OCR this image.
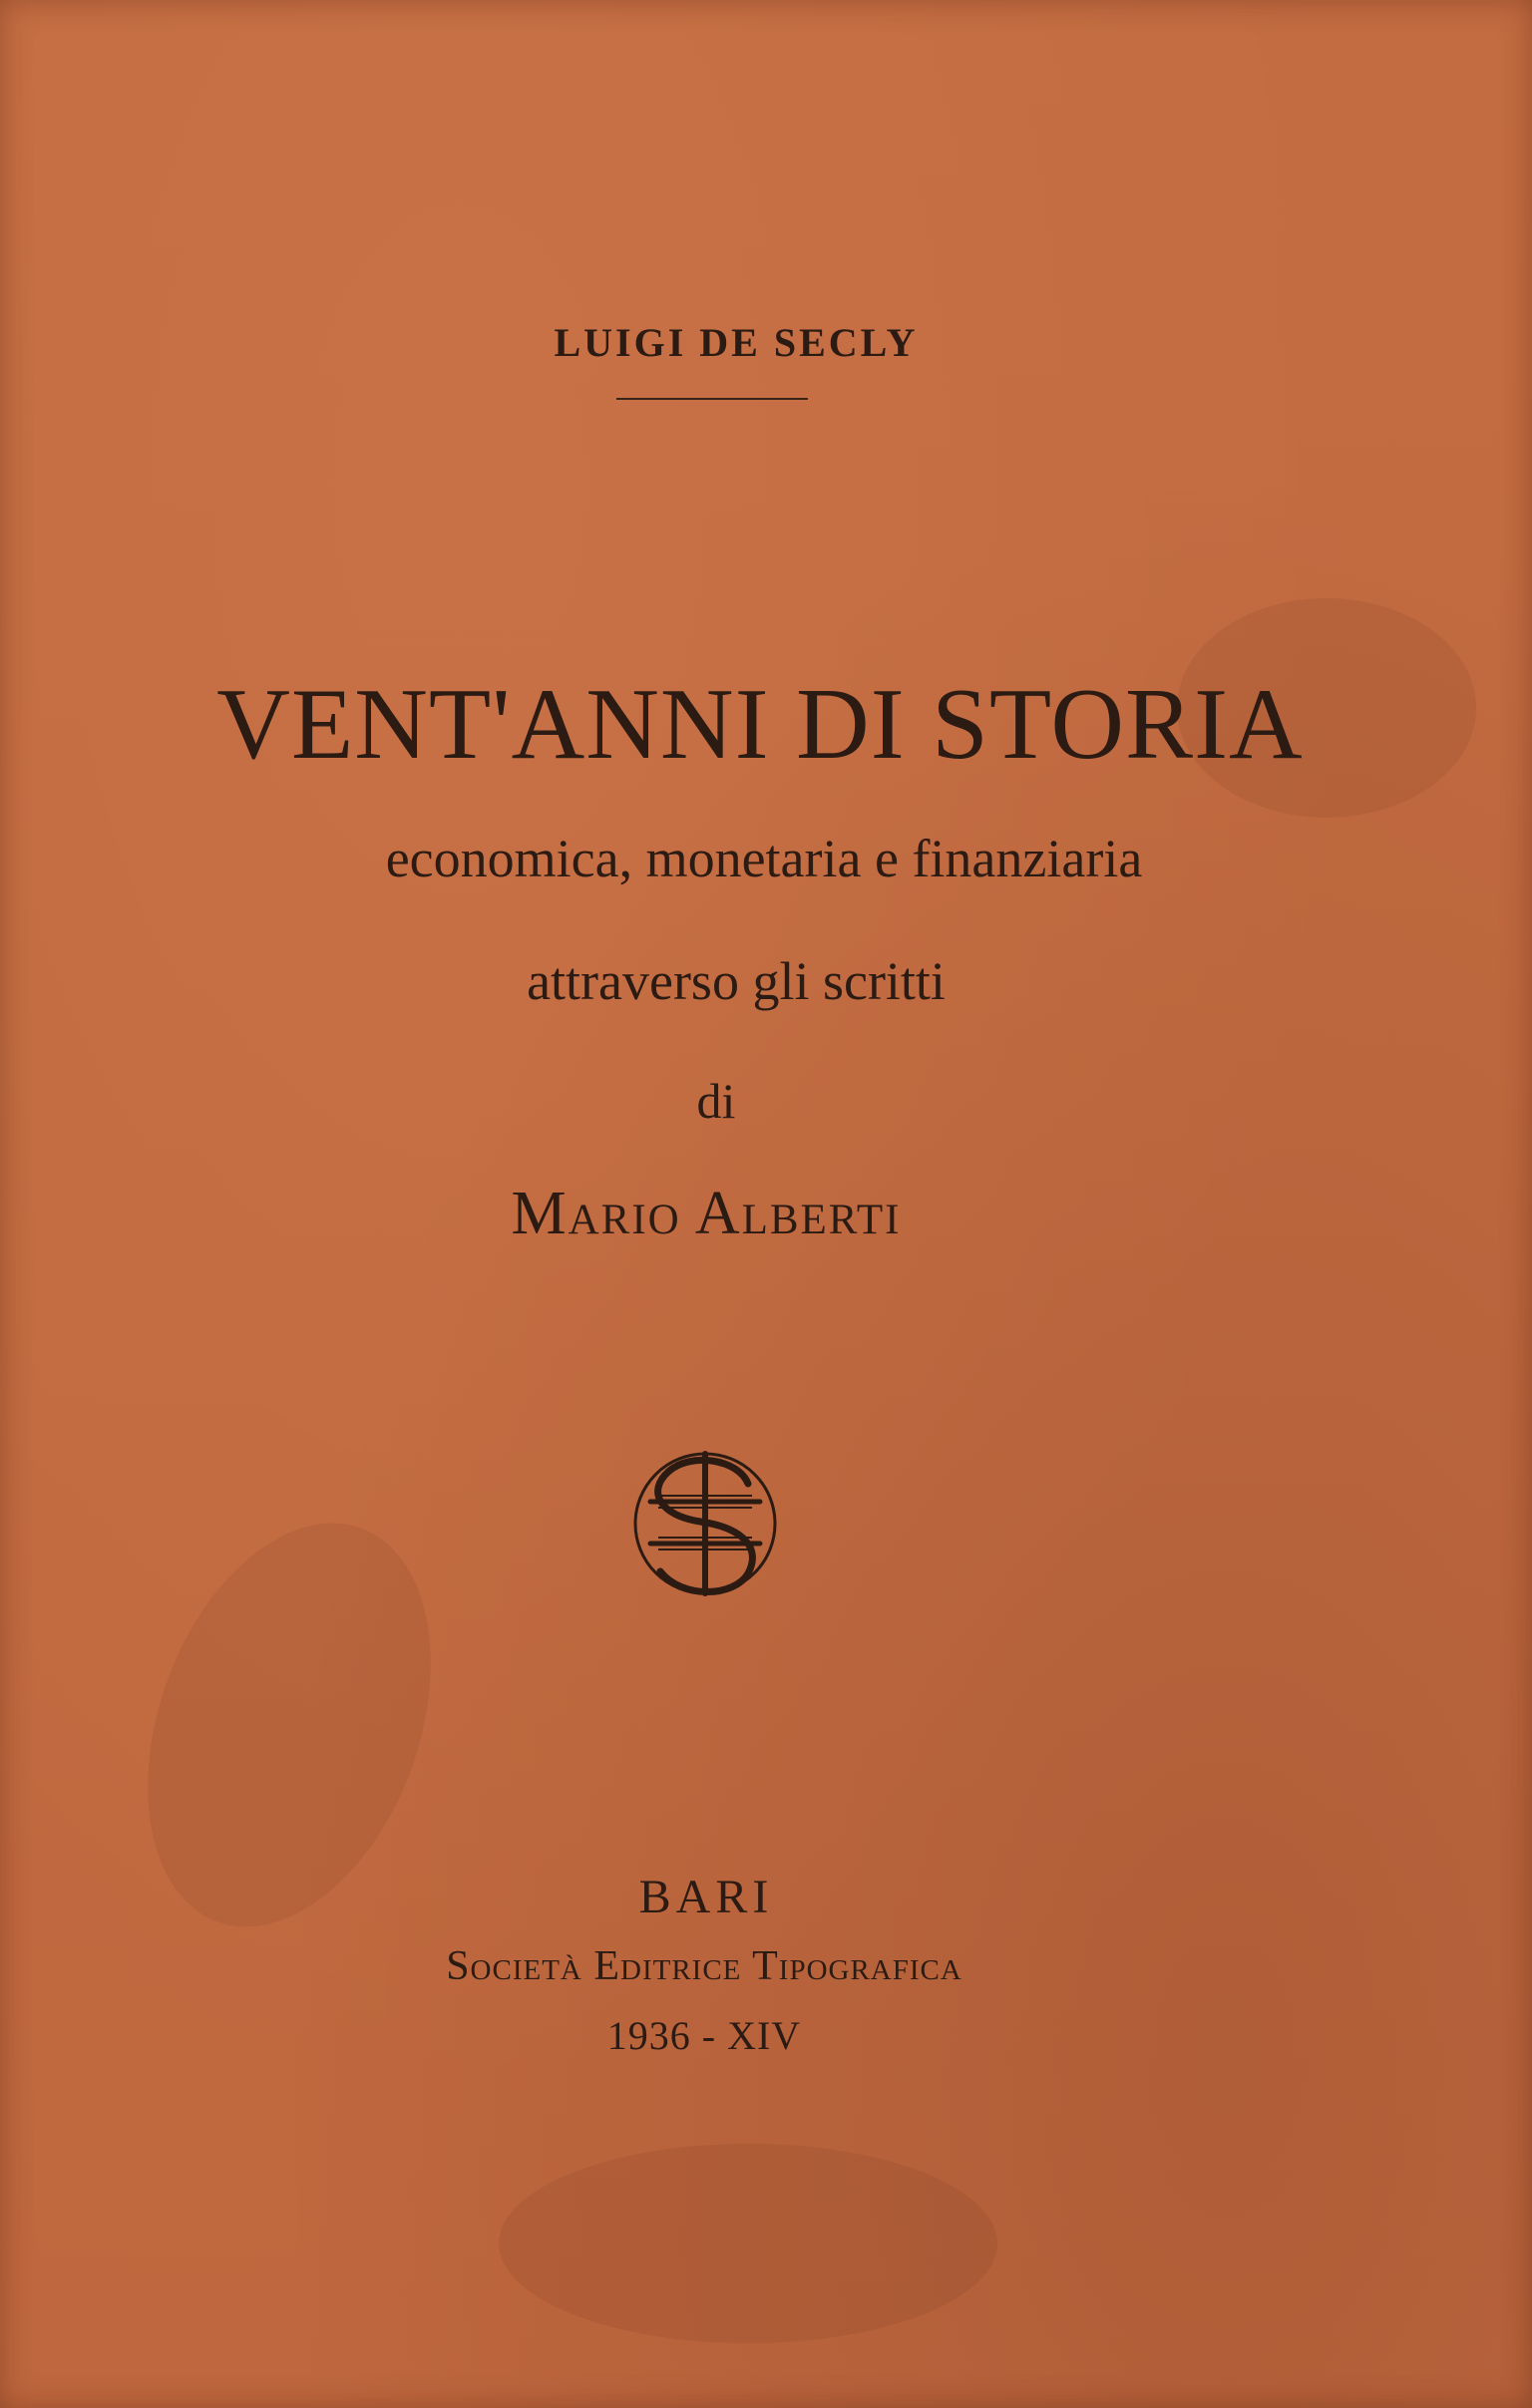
LUIGI DE SECLY
VENT'ANNI DI STORIA
economica, monetaria e finanziaria
attraverso gli scritti
di
Mario Alberti
BARI
Società Editrice Tipografica
1936 - XIV
